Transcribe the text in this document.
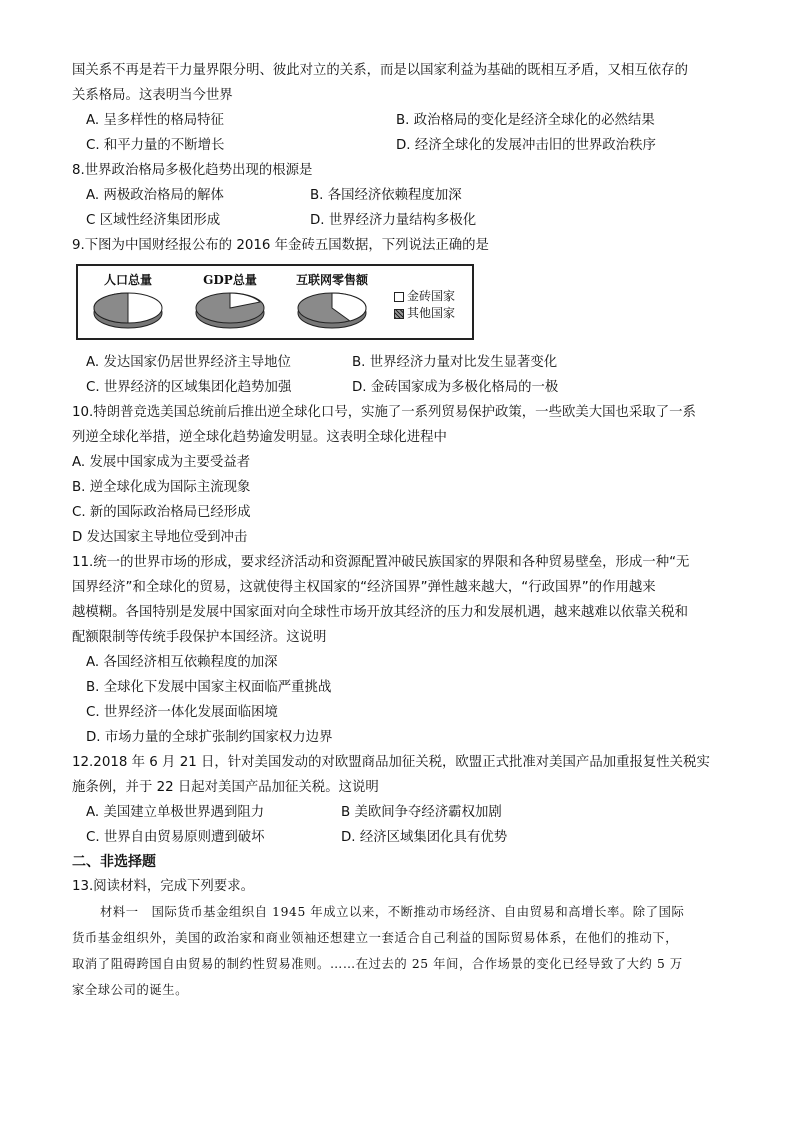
国关系不再是若干力量界限分明、彼此对立的关系，而是以国家利益为基础的既相互矛盾，又相互依存的
关系格局。这表明当今世界
A. 呈多样性的格局特征	B. 政治格局的变化是经济全球化的必然结果
C. 和平力量的不断增长	D. 经济全球化的发展冲击旧的世界政治秩序
8.世界政治格局多极化趋势出现的根源是
A. 两极政治格局的解体	B. 各国经济依赖程度加深
C 区域性经济集团形成	D. 世界经济力量结构多极化
9.下图为中国财经报公布的 2016 年金砖五国数据，下列说法正确的是
人口总量	GDP总量	互联网零售额
金砖国家
其他国家
A. 发达国家仍居世界经济主导地位	B. 世界经济力量对比发生显著变化
C. 世界经济的区域集团化趋势加强	D. 金砖国家成为多极化格局的一极
10.特朗普竞选美国总统前后推出逆全球化口号，实施了一系列贸易保护政策，一些欧美大国也采取了一系
列逆全球化举措，逆全球化趋势逾发明显。这表明全球化进程中
A. 发展中国家成为主要受益者
B. 逆全球化成为国际主流现象
C. 新的国际政治格局已经形成
D 发达国家主导地位受到冲击
11.统一的世界市场的形成，要求经济活动和资源配置冲破民族国家的界限和各种贸易壁垒，形成一种“无
国界经济”和全球化的贸易，这就使得主权国家的“经济国界”弹性越来越大，“行政国界”的作用越来
越模糊。各国特别是发展中国家面对向全球性市场开放其经济的压力和发展机遇，越来越难以依靠关税和
配额限制等传统手段保护本国经济。这说明
A. 各国经济相互依赖程度的加深
B. 全球化下发展中国家主权面临严重挑战
C. 世界经济一体化发展面临困境
D. 市场力量的全球扩张制约国家权力边界
12.2018 年 6 月 21 日，针对美国发动的对欧盟商品加征关税，欧盟正式批准对美国产品加重报复性关税实
施条例，并于 22 日起对美国产品加征关税。这说明
A. 美国建立单极世界遇到阻力	B 美欧间争夺经济霸权加剧
C. 世界自由贸易原则遭到破坏	D. 经济区域集团化具有优势
二、非选择题
13.阅读材料，完成下列要求。
材料一　国际货币基金组织自 1945 年成立以来，不断推动市场经济、自由贸易和高增长率。除了国际
货币基金组织外，美国的政治家和商业领袖还想建立一套适合自己利益的国际贸易体系，在他们的推动下，
取消了阻碍跨国自由贸易的制约性贸易准则。……在过去的 25 年间，合作场景的变化已经导致了大约 5 万
家全球公司的诞生。
